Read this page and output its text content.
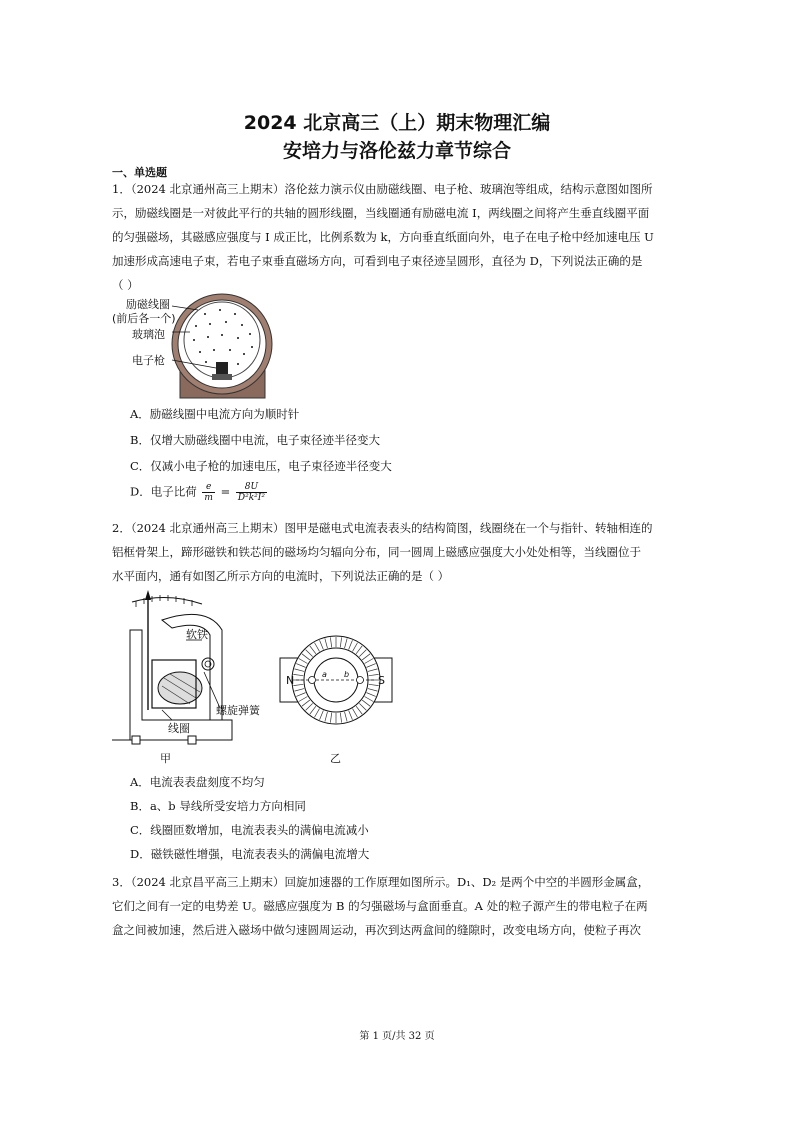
2024 北京高三（上）期末物理汇编
安培力与洛伦兹力章节综合
一、单选题
1．（2024 北京通州高三上期末）洛伦兹力演示仪由励磁线圈、电子枪、玻璃泡等组成，结构示意图如图所
示，励磁线圈是一对彼此平行的共轴的圆形线圈，当线圈通有励磁电流 I，两线圈之间将产生垂直线圈平面
的匀强磁场，其磁感应强度与 I 成正比，比例系数为 k，方向垂直纸面向外，电子在电子枪中经加速电压 U
加速形成高速电子束，若电子束垂直磁场方向，可看到电子束径迹呈圆形，直径为 D，下列说法正确的是
（ ）
励磁线圈
(前后各一个)
玻璃泡
电子枪
A．励磁线圈中电流方向为顺时针
B．仅增大励磁线圈中电流，电子束径迹半径变大
C．仅减小电子枪的加速电压，电子束径迹半径变大
D．电子比荷 $\frac{e}{m} = \frac{8U}{\text{D²k²I²}}$
2．（2024 北京通州高三上期末）图甲是磁电式电流表表头的结构简图，线圈绕在一个与指针、转轴相连的
铝框骨架上，蹄形磁铁和铁芯间的磁场均匀辐向分布，同一圆周上磁感应强度大小处处相等，当线圈位于
水平面内，通有如图乙所示方向的电流时，下列说法正确的是（ ）
软铁
螺旋弹簧
线圈
甲
N	S
a b
乙
A．电流表表盘刻度不均匀
B．a、b 导线所受安培力方向相同
C．线圈匝数增加，电流表表头的满偏电流减小
D．磁铁磁性增强，电流表表头的满偏电流增大
3．（2024 北京昌平高三上期末）回旋加速器的工作原理如图所示。D₁、D₂ 是两个中空的半圆形金属盒，
它们之间有一定的电势差 U。磁感应强度为 B 的匀强磁场与盒面垂直。A 处的粒子源产生的带电粒子在两
盒之间被加速，然后进入磁场中做匀速圆周运动，再次到达两盒间的缝隙时，改变电场方向，使粒子再次
第 1 页/共 32 页
